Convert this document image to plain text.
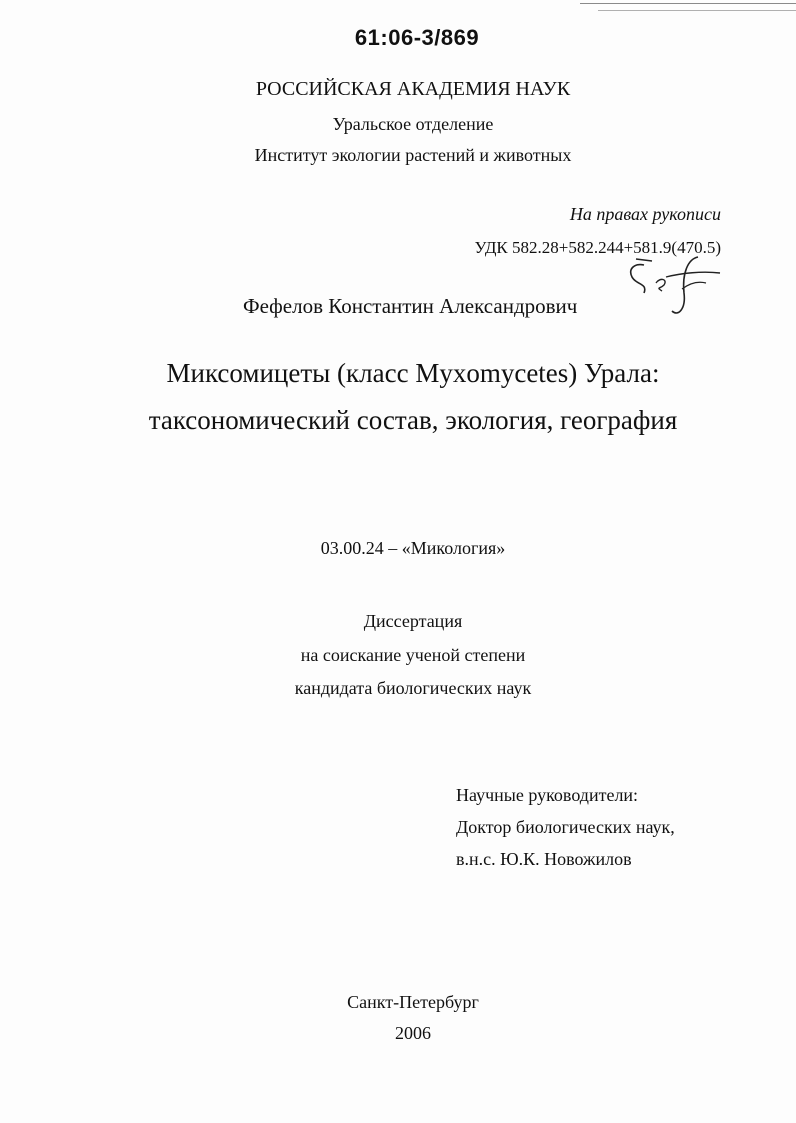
61:06-3/869
РОССИЙСКАЯ АКАДЕМИЯ НАУК
Уральское отделение
Институт экологии растений и животных
На правах рукописи
УДК 582.28+582.244+581.9(470.5)
Фефелов Константин Александрович
Миксомицеты (класс Myxomycetes) Урала:
таксономический состав, экология, география
03.00.24 – «Микология»
Диссертация
на соискание ученой степени
кандидата биологических наук
Научные руководители:
Доктор биологических наук,
в.н.с. Ю.К. Новожилов
Санкт-Петербург
2006
